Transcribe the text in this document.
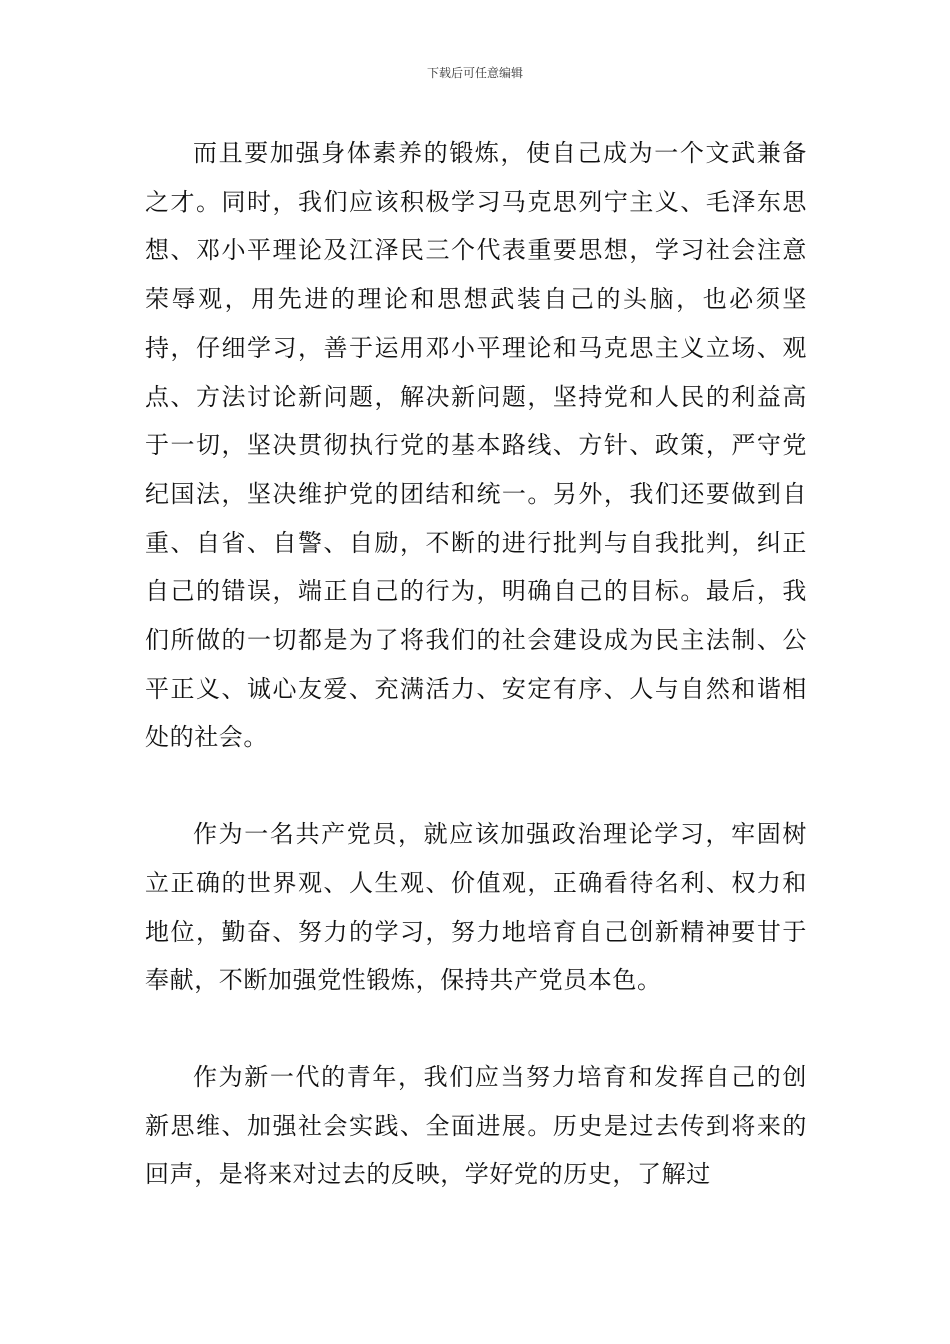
下载后可任意编辑

而且要加强身体素养的锻炼，使自己成为一个文武兼备之才。同时，我们应该积极学习马克思列宁主义、毛泽东思想、邓小平理论及江泽民三个代表重要思想，学习社会注意荣辱观，用先进的理论和思想武装自己的头脑，也必须坚持，仔细学习，善于运用邓小平理论和马克思主义立场、观点、方法讨论新问题，解决新问题，坚持党和人民的利益高于一切，坚决贯彻执行党的基本路线、方针、政策，严守党纪国法，坚决维护党的团结和统一。另外，我们还要做到自重、自省、自警、自励，不断的进行批判与自我批判，纠正自己的错误，端正自己的行为，明确自己的目标。最后，我们所做的一切都是为了将我们的社会建设成为民主法制、公平正义、诚心友爱、充满活力、安定有序、人与自然和谐相处的社会。

作为一名共产党员，就应该加强政治理论学习，牢固树立正确的世界观、人生观、价值观，正确看待名利、权力和地位，勤奋、努力的学习，努力地培育自己创新精神要甘于奉献，不断加强党性锻炼，保持共产党员本色。

作为新一代的青年，我们应当努力培育和发挥自己的创新思维、加强社会实践、全面进展。历史是过去传到将来的回声，是将来对过去的反映，学好党的历史，了解过
